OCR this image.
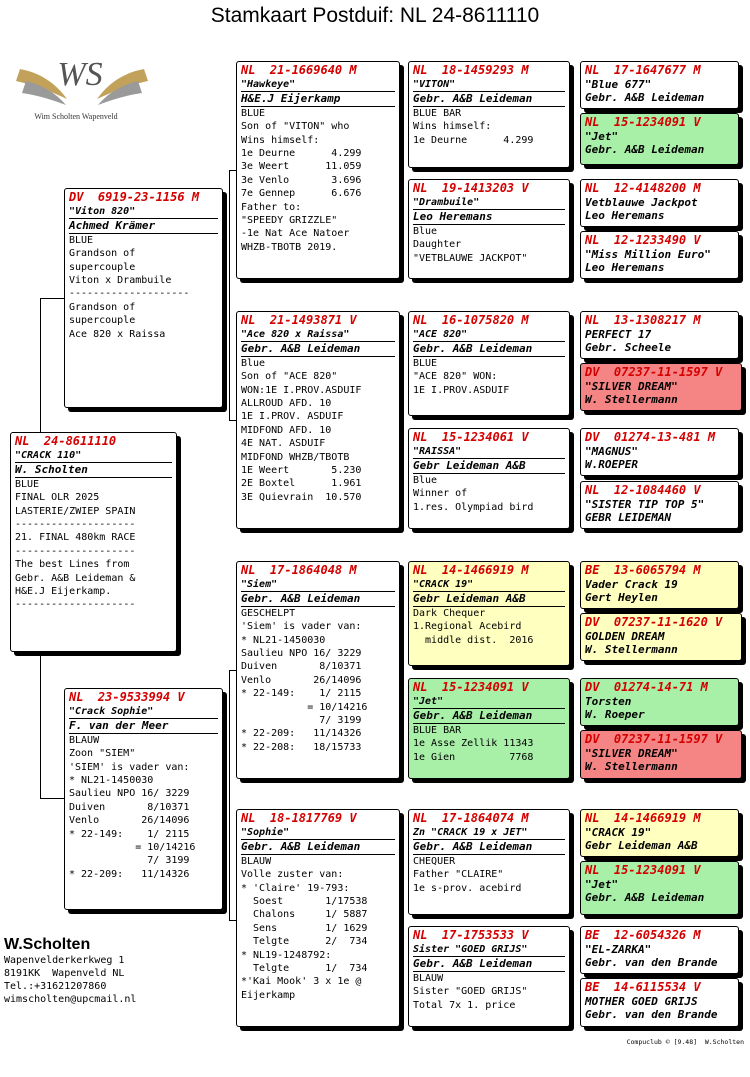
Stamkaart Postduif: NL 24-8611110
WS
Wim Scholten Wapenveld
NL  24-8611110
"CRACK 110"
W. Scholten
BLUE
FINAL OLR 2025
LASTERIE/ZWIEP SPAIN
--------------------
21. FINAL 480km RACE
--------------------
The best Lines from
Gebr. A&B Leideman &
H&E.J Eijerkamp.
--------------------
DV  6919-23-1156 M
"Viton 820"
Achmed Krämer
BLUE
Grandson of
supercouple
Viton x Drambuile
--------------------
Grandson of
supercouple
Ace 820 x Raissa
NL  23-9533994 V
"Crack Sophie"
F. van der Meer
BLAUW
Zoon "SIEM"
'SIEM' is vader van:
* NL21-1450030
Saulieu NPO 16/ 3229
Duiven       8/10371
Venlo       26/14096
* 22-149:    1/ 2115
= 10/14216
7/ 3199
* 22-209:   11/14326
NL  21-1669640 M
"Hawkeye"
H&E.J Eijerkamp
BLUE
Son of "VITON" who
Wins himself:
1e Deurne      4.299
3e Weert      11.059
3e Venlo       3.696
7e Gennep      6.676
Father to:
"SPEEDY GRIZZLE"
-1e Nat Ace Natoer
WHZB-TBOTB 2019.
NL  21-1493871 V
"Ace 820 x Raissa"
Gebr. A&B Leideman
Blue
Son of "ACE 820"
WON:1E I.PROV.ASDUIF
ALLROUD AFD. 10
1E I.PROV. ASDUIF
MIDFOND AFD. 10
4E NAT. ASDUIF
MIDFOND WHZB/TBOTB
1E Weert       5.230
2E Boxtel      1.961
3E Quievrain  10.570
NL  17-1864048 M
"Siem"
Gebr. A&B Leideman
GESCHELPT
'Siem' is vader van:
* NL21-1450030
Saulieu NPO 16/ 3229
Duiven       8/10371
Venlo       26/14096
* 22-149:    1/ 2115
= 10/14216
7/ 3199
* 22-209:   11/14326
* 22-208:   18/15733
NL  18-1817769 V
"Sophie"
Gebr. A&B Leideman
BLAUW
Volle zuster van:
* 'Claire' 19-793:
Soest       1/17538
Chalons     1/ 5887
Sens        1/ 1629
Telgte      2/  734
* NL19-1248792:
Telgte      1/  734
*'Kai Mook' 3 x 1e @
Eijerkamp
NL  18-1459293 M
"VITON"
Gebr. A&B Leideman
BLUE BAR
Wins himself:
1e Deurne      4.299
NL  19-1413203 V
"Drambuile"
Leo Heremans
Blue
Daughter
"VETBLAUWE JACKPOT"
NL  16-1075820 M
"ACE 820"
Gebr. A&B Leideman
BLUE
"ACE 820" WON:
1E I.PROV.ASDUIF
NL  15-1234061 V
"RAISSA"
Gebr Leideman A&B
Blue
Winner of
1.res. Olympiad bird
NL  14-1466919 M
"CRACK 19"
Gebr Leideman A&B
Dark Chequer
1.Regional Acebird
middle dist.  2016
NL  15-1234091 V
"Jet"
Gebr. A&B Leideman
BLUE BAR
1e Asse Zellik 11343
1e Gien         7768
NL  17-1864074 M
Zn "CRACK 19 x JET"
Gebr. A&B Leideman
CHEQUER
Father "CLAIRE"
1e s-prov. acebird
NL  17-1753533 V
Sister "GOED GRIJS"
Gebr. A&B Leideman
BLAUW
Sister "GOED GRIJS"
Total 7x 1. price
NL  17-1647677 M
"Blue 677"
Gebr. A&B Leideman
NL  15-1234091 V
"Jet"
Gebr. A&B Leideman
NL  12-4148200 M
Vetblauwe Jackpot
Leo Heremans
NL  12-1233490 V
"Miss Million Euro"
Leo Heremans
NL  13-1308217 M
PERFECT 17
Gebr. Scheele
DV  07237-11-1597 V
"SILVER DREAM"
W. Stellermann
DV  01274-13-481 M
"MAGNUS"
W.ROEPER
NL  12-1084460 V
"SISTER TIP TOP 5"
GEBR LEIDEMAN
BE  13-6065794 M
Vader Crack 19
Gert Heylen
DV  07237-11-1620 V
GOLDEN DREAM
W. Stellermann
DV  01274-14-71 M
Torsten
W. Roeper
DV  07237-11-1597 V
"SILVER DREAM"
W. Stellermann
NL  14-1466919 M
"CRACK 19"
Gebr Leideman A&B
NL  15-1234091 V
"Jet"
Gebr. A&B Leideman
BE  12-6054326 M
"EL-ZARKA"
Gebr. van den Brande
BE  14-6115534 V
MOTHER GOED GRIJS
Gebr. van den Brande
W.Scholten
Wapenvelderkerkweg 1
8191KK  Wapenveld NL
Tel.:+31621207860
wimscholten@upcmail.nl
Compuclub © [9.48]  W.Scholten
